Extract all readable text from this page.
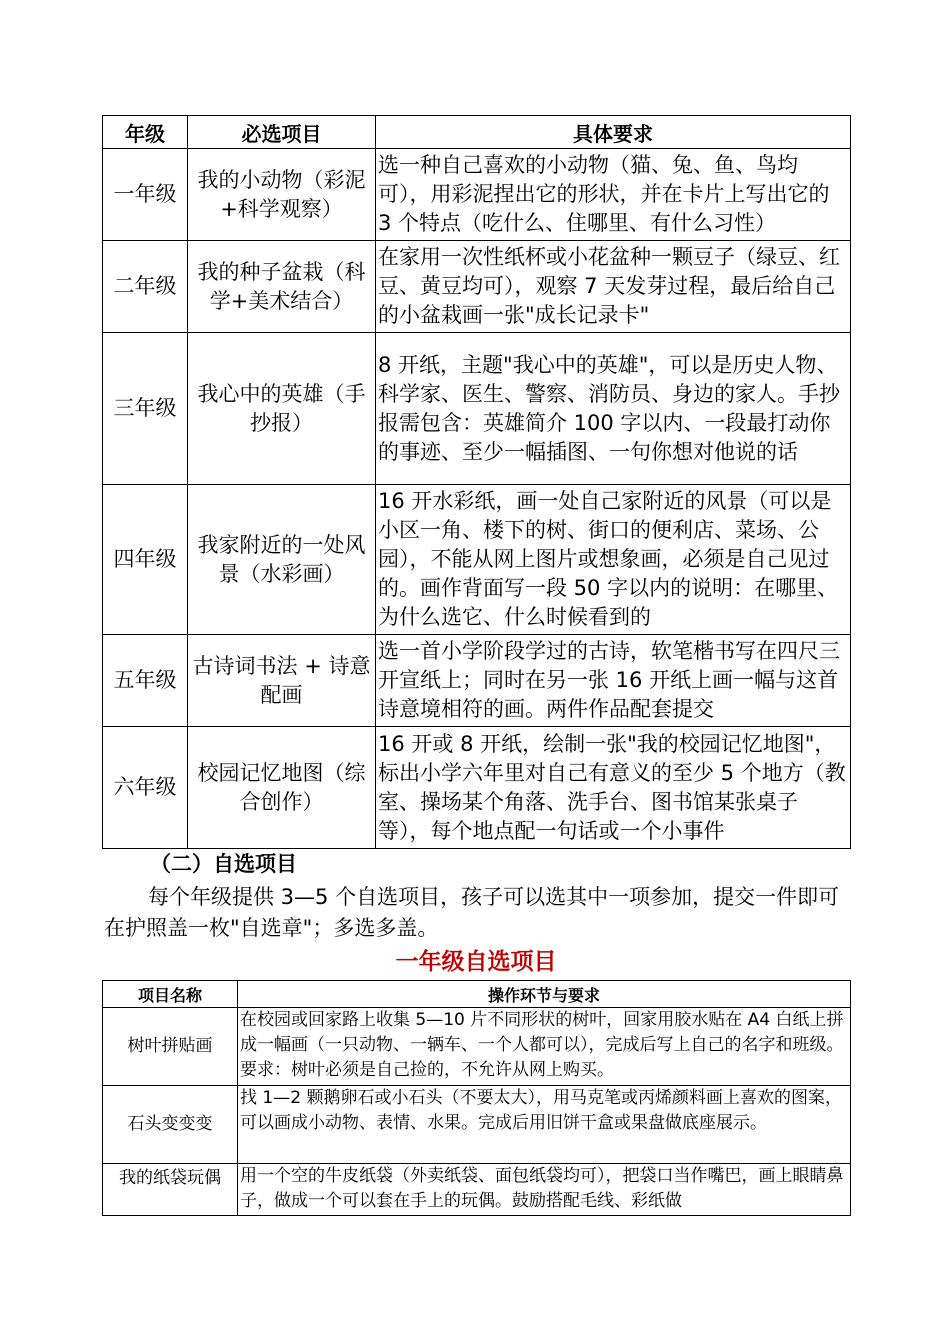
年级	必选项目	具体要求
一年级	我的小动物（彩泥+科学观察）	选一种自己喜欢的小动物（猫、兔、鱼、鸟均可），用彩泥捏出它的形状，并在卡片上写出它的 3 个特点（吃什么、住哪里、有什么习性）
二年级	我的种子盆栽（科学+美术结合）	在家用一次性纸杯或小花盆种一颗豆子（绿豆、红豆、黄豆均可），观察 7 天发芽过程，最后给自己的小盆栽画一张"成长记录卡"
三年级	我心中的英雄（手抄报）	8 开纸，主题"我心中的英雄"，可以是历史人物、科学家、医生、警察、消防员、身边的家人。手抄报需包含：英雄简介 100 字以内、一段最打动你的事迹、至少一幅插图、一句你想对他说的话
四年级	我家附近的一处风景（水彩画）	16 开水彩纸，画一处自己家附近的风景（可以是小区一角、楼下的树、街口的便利店、菜场、公园），不能从网上图片或想象画，必须是自己见过的。画作背面写一段 50 字以内的说明：在哪里、为什么选它、什么时候看到的
五年级	古诗词书法 + 诗意配画	选一首小学阶段学过的古诗，软笔楷书写在四尺三开宣纸上；同时在另一张 16 开纸上画一幅与这首诗意境相符的画。两件作品配套提交
六年级	校园记忆地图（综合创作）	16 开或 8 开纸，绘制一张"我的校园记忆地图"，标出小学六年里对自己有意义的至少 5 个地方（教室、操场某个角落、洗手台、图书馆某张桌子等），每个地点配一句话或一个小事件
（二）自选项目
每个年级提供 3—5 个自选项目，孩子可以选其中一项参加，提交一件即可在护照盖一枚"自选章"；多选多盖。
一年级自选项目
项目名称	操作环节与要求
树叶拼贴画	在校园或回家路上收集 5—10 片不同形状的树叶，回家用胶水贴在 A4 白纸上拼成一幅画（一只动物、一辆车、一个人都可以），完成后写上自己的名字和班级。要求：树叶必须是自己捡的，不允许从网上购买。
石头变变变	找 1—2 颗鹅卵石或小石头（不要太大），用马克笔或丙烯颜料画上喜欢的图案，可以画成小动物、表情、水果。完成后用旧饼干盒或果盘做底座展示。
我的纸袋玩偶	用一个空的牛皮纸袋（外卖纸袋、面包纸袋均可），把袋口当作嘴巴，画上眼睛鼻子，做成一个可以套在手上的玩偶。鼓励搭配毛线、彩纸做
